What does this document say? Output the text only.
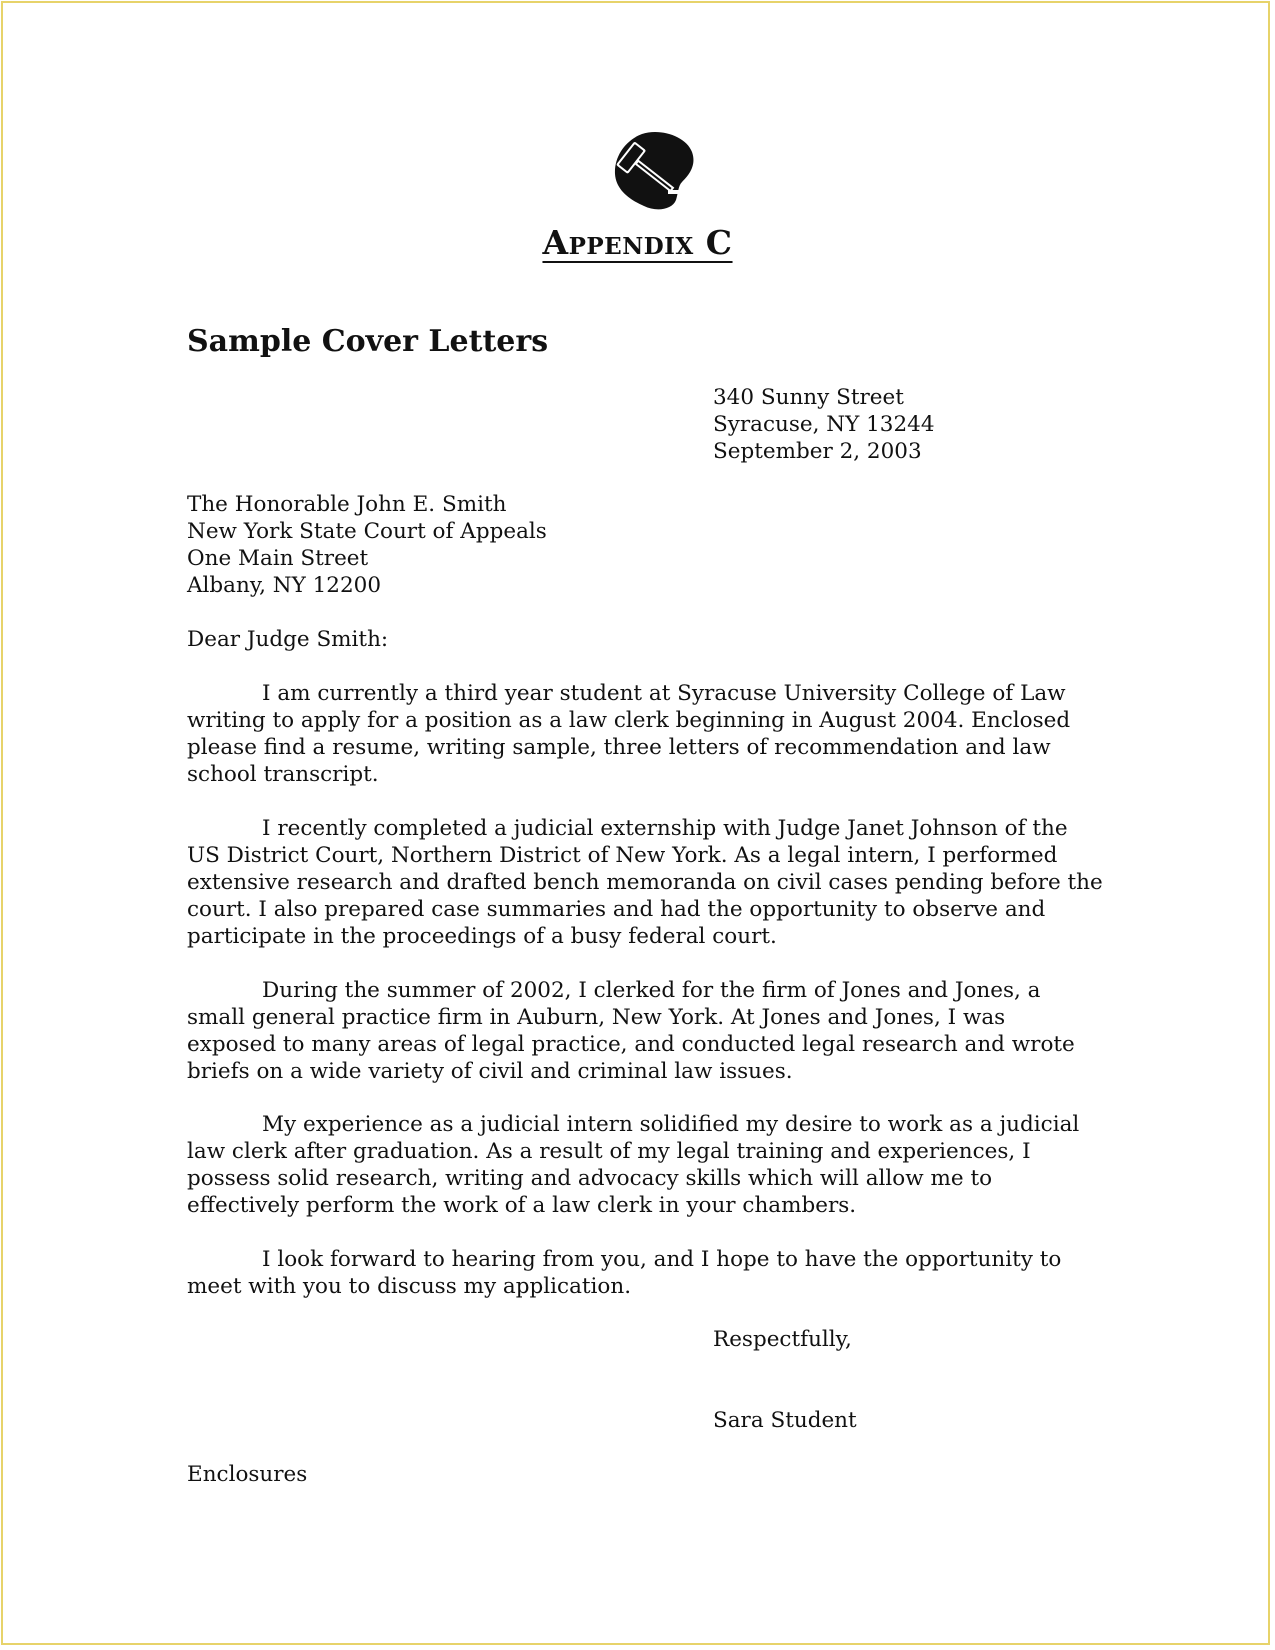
Appendix C
Sample Cover Letters
340 Sunny Street
Syracuse, NY 13244
September 2, 2003
The Honorable John E. Smith
New York State Court of Appeals
One Main Street
Albany, NY 12200
Dear Judge Smith:
I am currently a third year student at Syracuse University College of Law
writing to apply for a position as a law clerk beginning in August 2004. Enclosed
please find a resume, writing sample, three letters of recommendation and law
school transcript.
I recently completed a judicial externship with Judge Janet Johnson of the
US District Court, Northern District of New York. As a legal intern, I performed
extensive research and drafted bench memoranda on civil cases pending before the
court. I also prepared case summaries and had the opportunity to observe and
participate in the proceedings of a busy federal court.
During the summer of 2002, I clerked for the firm of Jones and Jones, a
small general practice firm in Auburn, New York. At Jones and Jones, I was
exposed to many areas of legal practice, and conducted legal research and wrote
briefs on a wide variety of civil and criminal law issues.
My experience as a judicial intern solidified my desire to work as a judicial
law clerk after graduation. As a result of my legal training and experiences, I
possess solid research, writing and advocacy skills which will allow me to
effectively perform the work of a law clerk in your chambers.
I look forward to hearing from you, and I hope to have the opportunity to
meet with you to discuss my application.
Respectfully,
Sara Student
Enclosures
